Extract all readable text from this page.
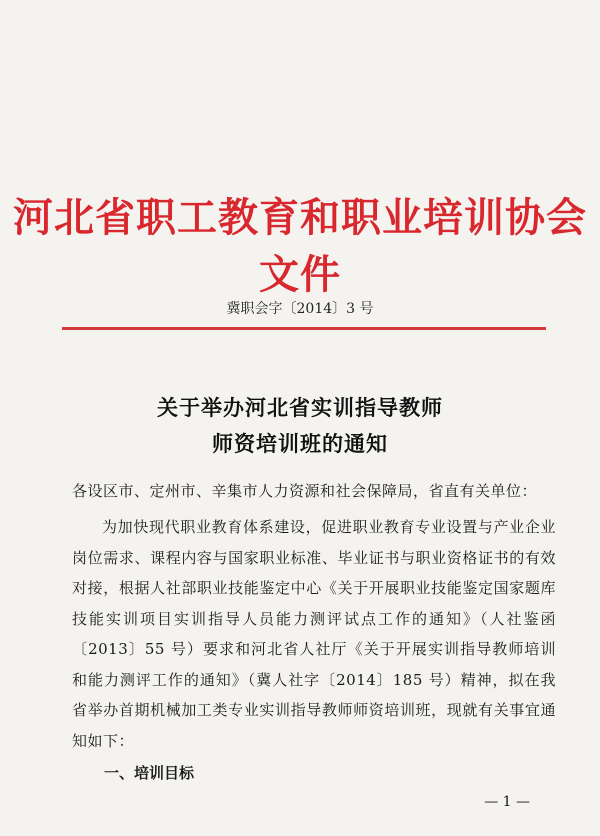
河北省职工教育和职业培训协会文件
冀职会字〔2014〕3 号
关于举办河北省实训指导教师
师资培训班的通知
各设区市、定州市、辛集市人力资源和社会保障局，省直有关单位：
为加快现代职业教育体系建设，促进职业教育专业设置与产业企业岗位需求、课程内容与国家职业标准、毕业证书与职业资格证书的有效对接，根据人社部职业技能鉴定中心《关于开展职业技能鉴定国家题库技能实训项目实训指导人员能力测评试点工作的通知》（人社鉴函〔2013〕55 号）要求和河北省人社厅《关于开展实训指导教师培训和能力测评工作的通知》（冀人社字〔2014〕185 号）精神，拟在我省举办首期机械加工类专业实训指导教师师资培训班，现就有关事宜通知如下：
一、培训目标
— 1 —
